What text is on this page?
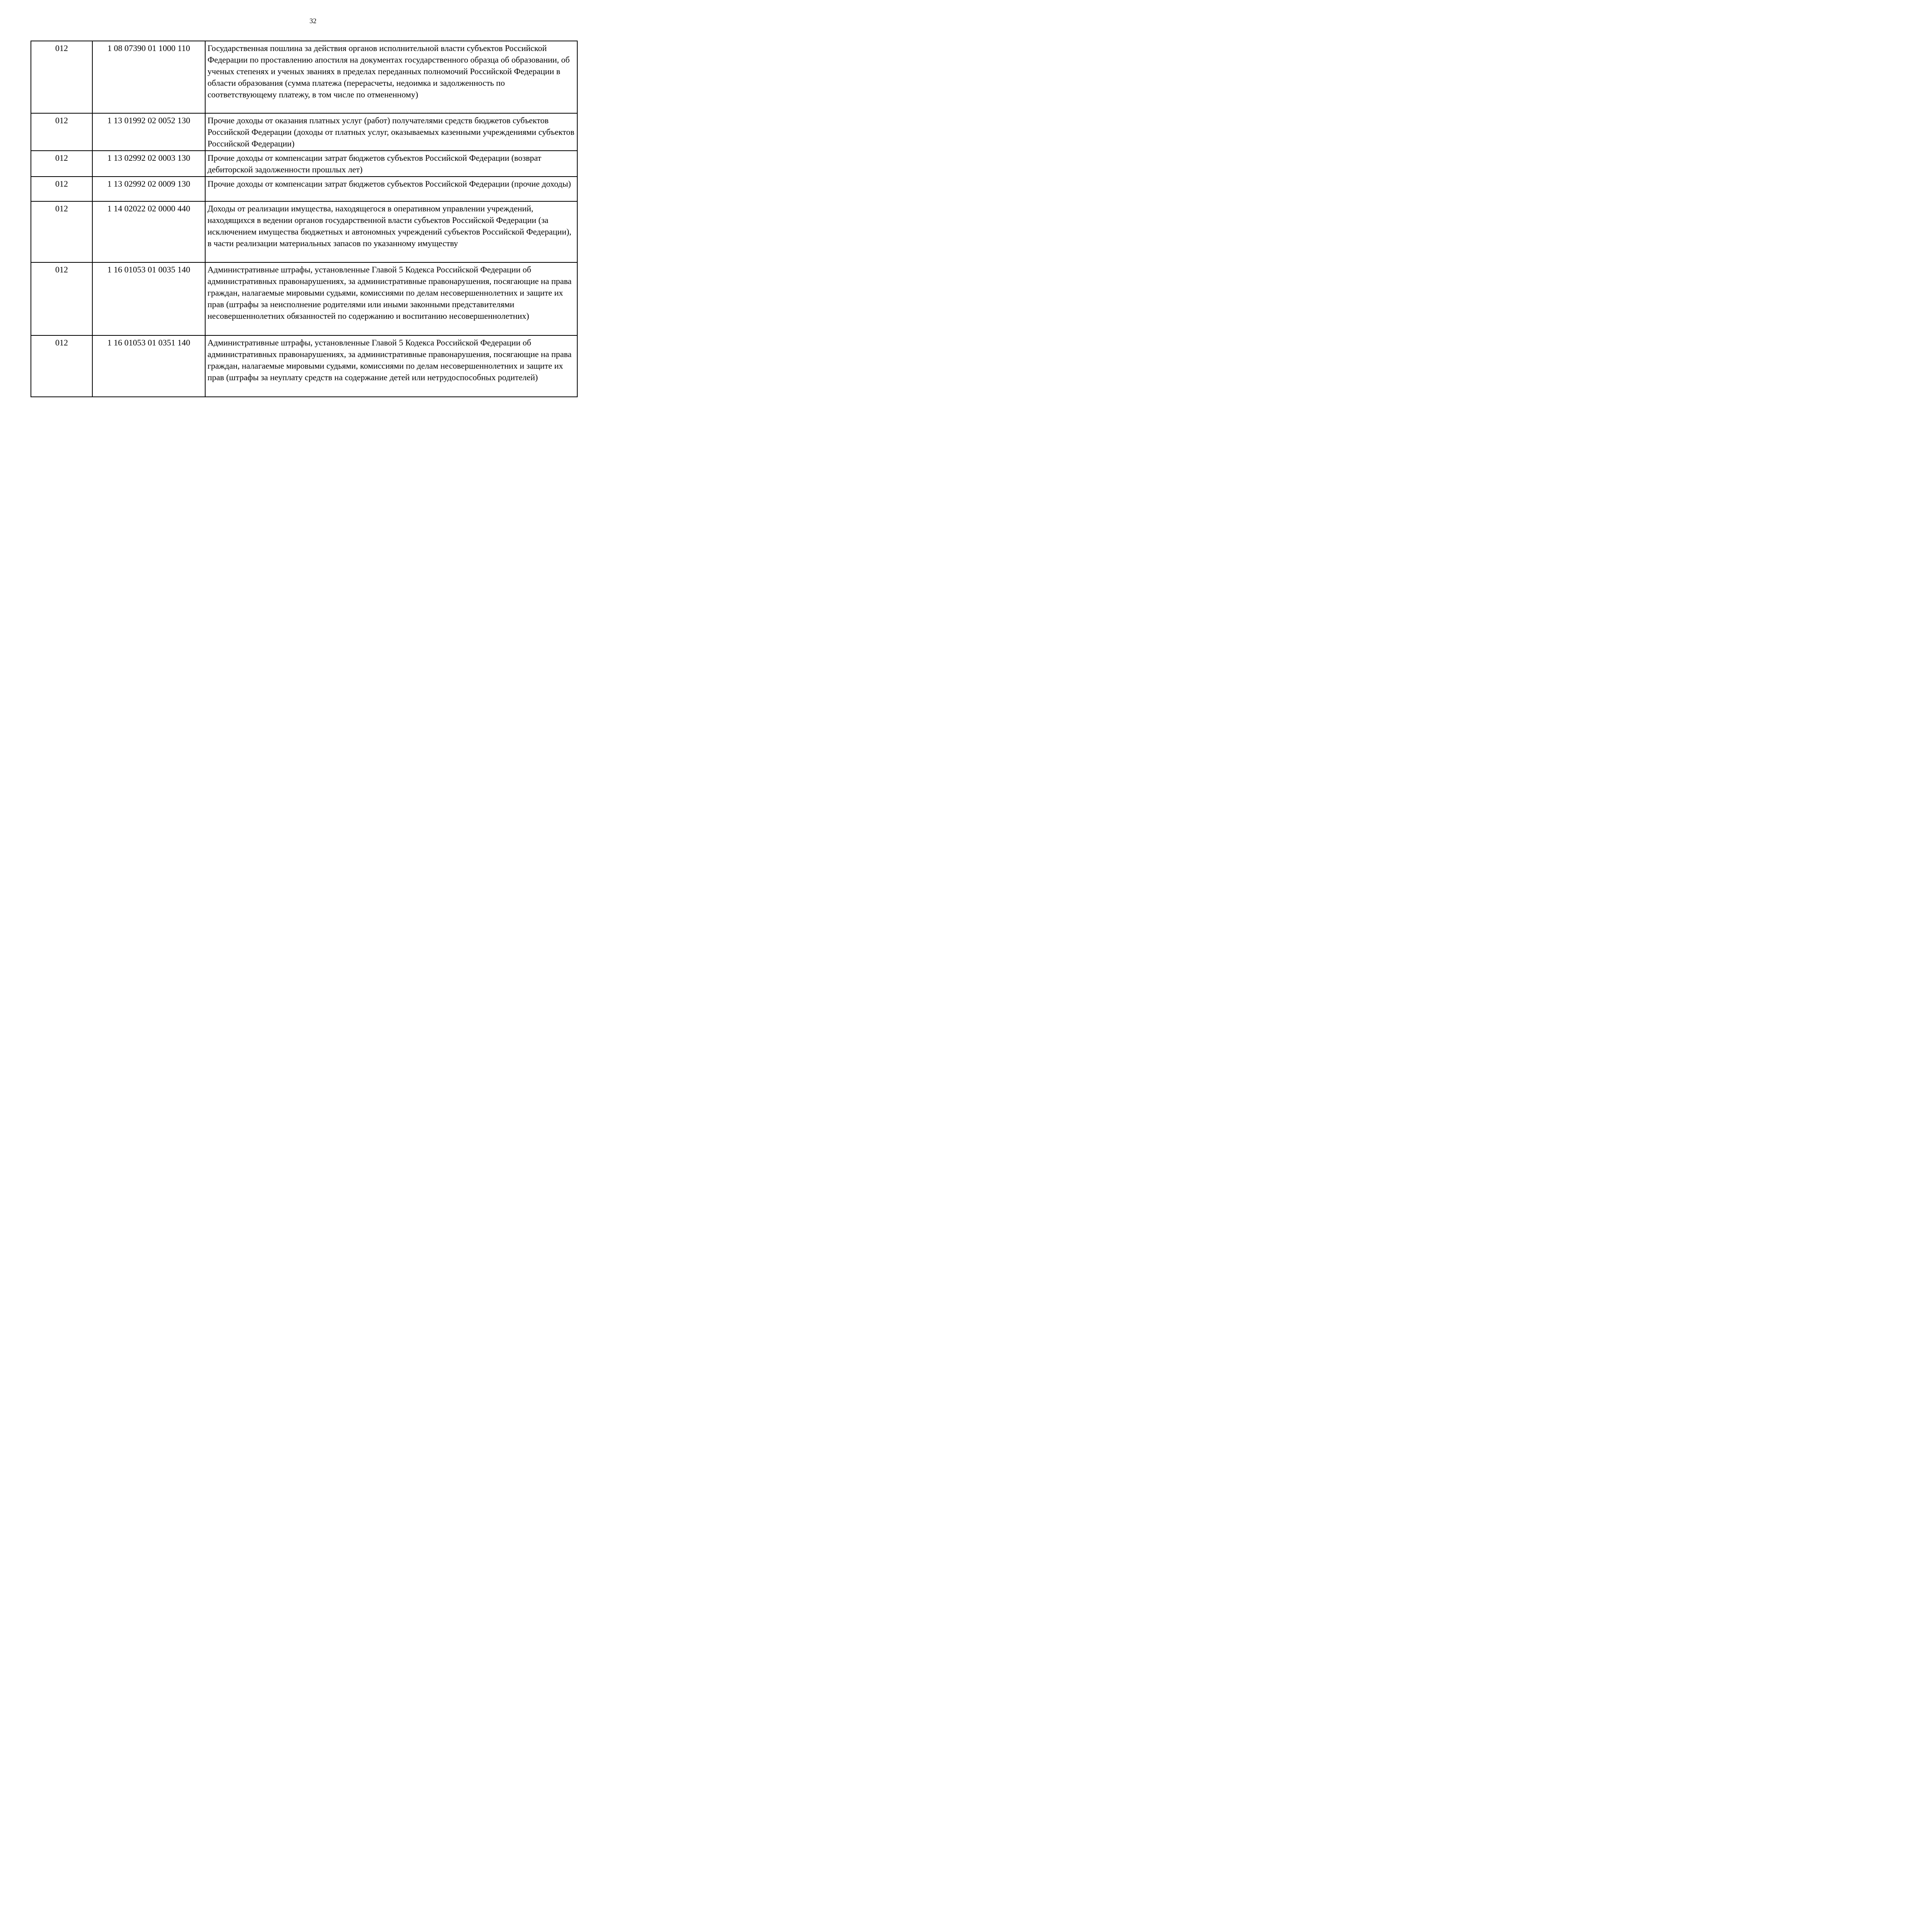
32
012	1 08 07390 01 1000 110	Государственная пошлина за действия органов исполнительной власти субъектов Российской Федерации по проставлению апостиля на документах государственного образца об образовании, об ученых степенях и ученых званиях в пределах переданных полномочий Российской Федерации в области образования (сумма платежа (перерасчеты, недоимка и задолженность по соответствующему платежу, в том числе по отмененному)
012	1 13 01992 02 0052 130	Прочие доходы от оказания платных услуг (работ) получателями средств бюджетов субъектов Российской Федерации (доходы от платных услуг, оказываемых казенными учреждениями субъектов Российской Федерации)
012	1 13 02992 02 0003 130	Прочие доходы от компенсации затрат бюджетов субъектов Российской Федерации (возврат дебиторской задолженности прошлых лет)
012	1 13 02992 02 0009 130	Прочие доходы от компенсации затрат бюджетов субъектов Российской Федерации (прочие доходы)
012	1 14 02022 02 0000 440	Доходы от реализации имущества, находящегося в оперативном управлении учреждений, находящихся в ведении органов государственной власти субъектов Российской Федерации (за исключением имущества бюджетных и автономных учреждений субъектов Российской Федерации), в части реализации материальных запасов по указанному имуществу
012	1 16 01053 01 0035 140	Административные штрафы, установленные Главой 5 Кодекса Российской Федерации об административных правонарушениях, за административные правонарушения, посягающие на права граждан, налагаемые мировыми судьями, комиссиями по делам несовершеннолетних и защите их прав (штрафы за неисполнение родителями или иными законными представителями несовершеннолетних обязанностей по содержанию и воспитанию несовершеннолетних)
012	1 16 01053 01 0351 140	Административные штрафы, установленные Главой 5 Кодекса Российской Федерации об административных правонарушениях, за административные правонарушения, посягающие на права граждан, налагаемые мировыми судьями, комиссиями по делам несовершеннолетних и защите их прав (штрафы за неуплату средств на содержание детей или нетрудоспособных родителей)
